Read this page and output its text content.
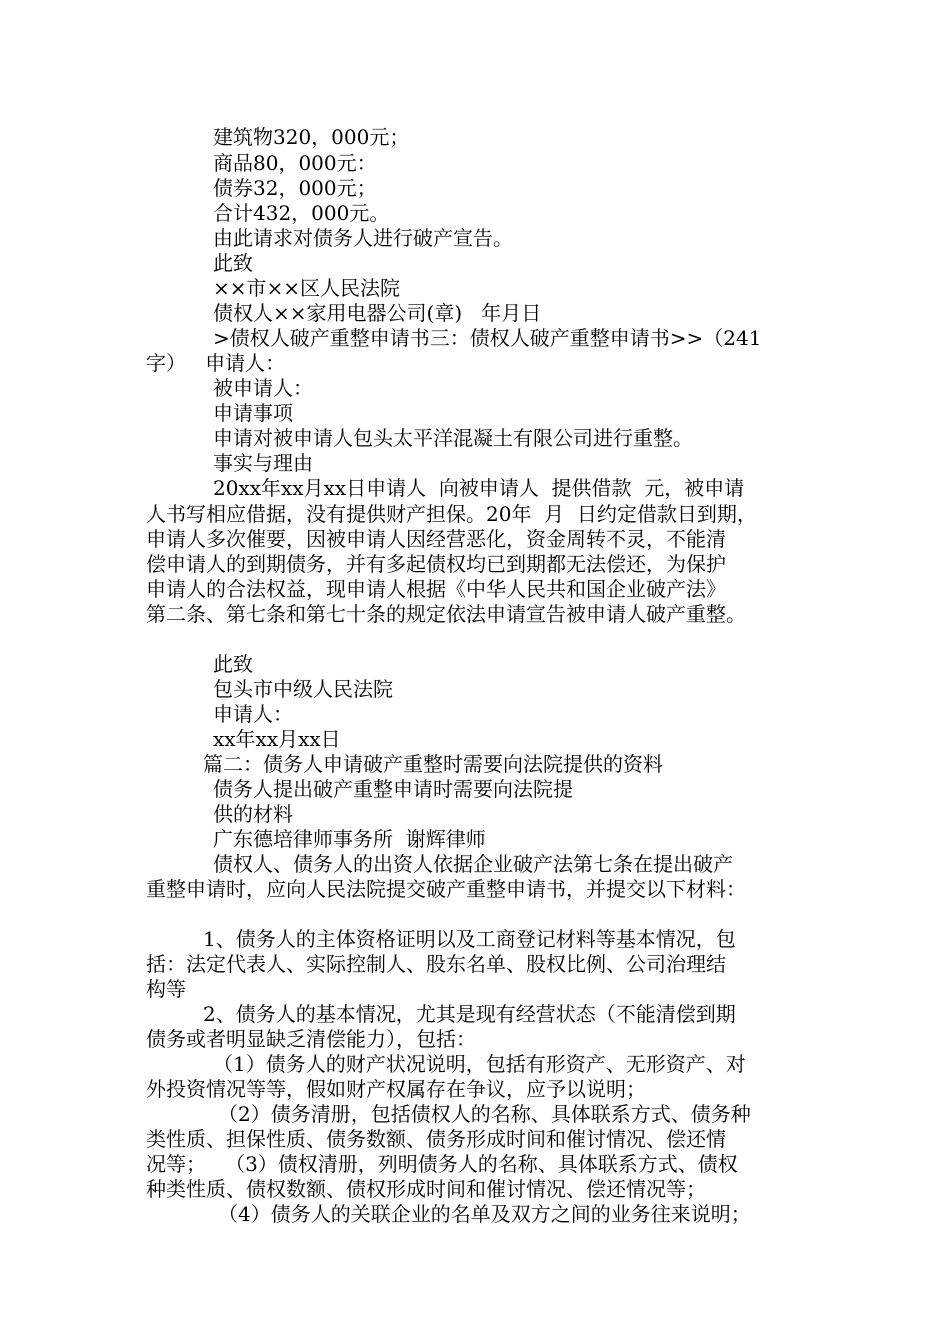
建筑物320，000元；
商品80，000元：
债券32，000元；
合计432，000元。
由此请求对债务人进行破产宣告。
此致
××市××区人民法院
债权人××家用电器公司(章)   年月日
>债权人破产重整申请书三：债权人破产重整申请书>>（241
字）   申请人：
被申请人：
申请事项
申请对被申请人包头太平洋混凝土有限公司进行重整。
事实与理由
20xx年xx月xx日申请人  向被申请人  提供借款  元，被申请
人书写相应借据，没有提供财产担保。20年  月  日约定借款日到期，
申请人多次催要，因被申请人因经营恶化，资金周转不灵，不能清
偿申请人的到期债务，并有多起债权均已到期都无法偿还，为保护
申请人的合法权益，现申请人根据《中华人民共和国企业破产法》
第二条、第七条和第七十条的规定依法申请宣告被申请人破产重整。
此致
包头市中级人民法院
申请人：
xx年xx月xx日
篇二：债务人申请破产重整时需要向法院提供的资料
债务人提出破产重整申请时需要向法院提
供的材料
广东德培律师事务所  谢辉律师
债权人、债务人的出资人依据企业破产法第七条在提出破产
重整申请时，应向人民法院提交破产重整申请书，并提交以下材料：
1、债务人的主体资格证明以及工商登记材料等基本情况，包
括：法定代表人、实际控制人、股东名单、股权比例、公司治理结
构等
2、债务人的基本情况，尤其是现有经营状态（不能清偿到期
债务或者明显缺乏清偿能力），包括：
（1）债务人的财产状况说明，包括有形资产、无形资产、对
外投资情况等等，假如财产权属存在争议，应予以说明；
（2）债务清册，包括债权人的名称、具体联系方式、债务种
类性质、担保性质、债务数额、债务形成时间和催讨情况、偿还情
况等；   （3）债权清册，列明债务人的名称、具体联系方式、债权
种类性质、债权数额、债权形成时间和催讨情况、偿还情况等；
（4）债务人的关联企业的名单及双方之间的业务往来说明；
